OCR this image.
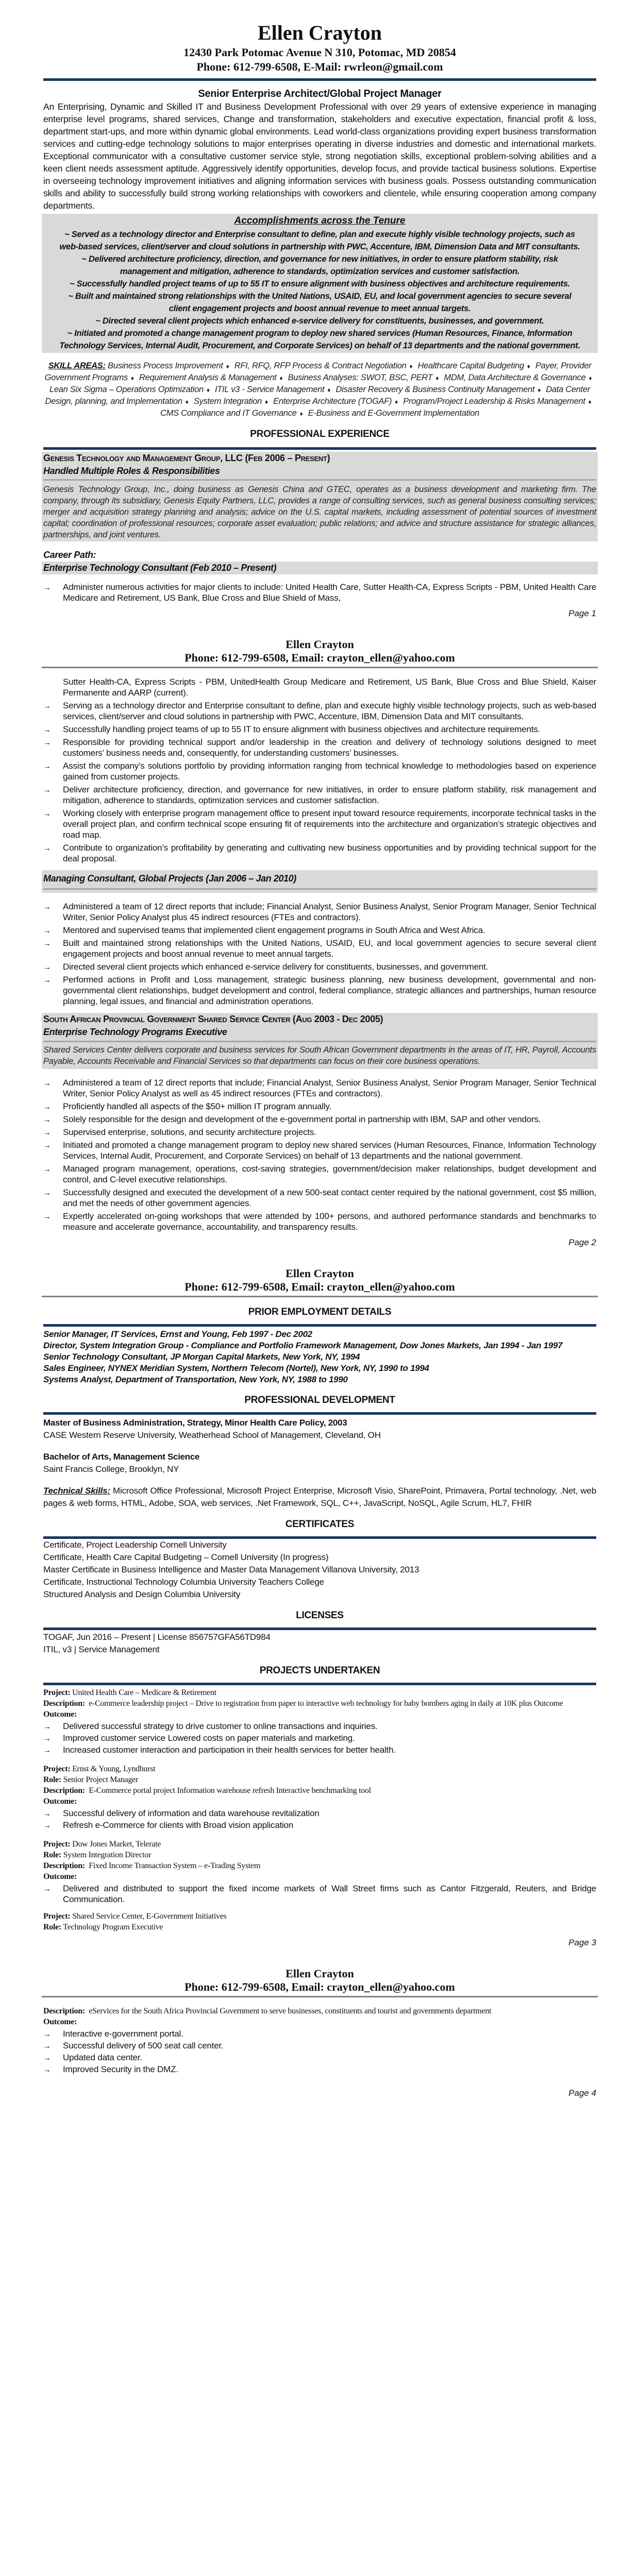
Ellen Crayton
12430 Park Potomac Avenue N 310, Potomac, MD 20854
Phone: 612-799-6508, E-Mail: rwrleon@gmail.com
Senior Enterprise Architect/Global Project Manager
An Enterprising, Dynamic and Skilled IT and Business Development Professional with over 29 years of extensive experience in managing enterprise level programs, shared services, Change and transformation, stakeholders and executive expectation, financial profit & loss, department start-ups, and more within dynamic global environments. Lead world-class organizations providing expert business transformation services and cutting-edge technology solutions to major enterprises operating in diverse industries and domestic and international markets. Exceptional communicator with a consultative customer service style, strong negotiation skills, exceptional problem-solving abilities and a keen client needs assessment aptitude. Aggressively identify opportunities, develop focus, and provide tactical business solutions. Expertise in overseeing technology improvement initiatives and aligning information services with business goals. Possess outstanding communication skills and ability to successfully build strong working relationships with coworkers and clientele, while ensuring cooperation among company departments.
Accomplishments across the Tenure
~ Served as a technology director and Enterprise consultant to define, plan and execute highly visible technology projects, such as web-based services, client/server and cloud solutions in partnership with PWC, Accenture, IBM, Dimension Data and MIT consultants.
~ Delivered architecture proficiency, direction, and governance for new initiatives, in order to ensure platform stability, risk management and mitigation, adherence to standards, optimization services and customer satisfaction.
~ Successfully handled project teams of up to 55 IT to ensure alignment with business objectives and architecture requirements.
~ Built and maintained strong relationships with the United Nations, USAID, EU, and local government agencies to secure several client engagement projects and boost annual revenue to meet annual targets.
~ Directed several client projects which enhanced e-service delivery for constituents, businesses, and government.
~ Initiated and promoted a change management program to deploy new shared services (Human Resources, Finance, Information Technology Services, Internal Audit, Procurement, and Corporate Services) on behalf of 13 departments and the national government.
SKILL AREAS: Business Process Improvement ♦ RFI, RFQ, RFP Process & Contract Negotiation ♦ Healthcare Capital Budgeting♦ Payer, Provider Government Programs ♦ Requirement Analysis & Management ♦ Business Analyses: SWOT, BSC, PERT ♦ MDM, Data Architecture & Governance♦ Lean Six Sigma – Operations Optimization ♦ ITIL v3 - Service Management ♦ Disaster Recovery & Business Continuity Management ♦ Data Center Design, planning, and Implementation ♦ System Integration ♦ Enterprise Architecture (TOGAF) ♦ Program/Project Leadership & Risks Management♦ CMS Compliance and IT Governance ♦ E-Business and E-Government Implementation
PROFESSIONAL EXPERIENCE
Genesis Technology and Management Group, LLC (Feb 2006 – Present)
Handled Multiple Roles & Responsibilities
Genesis Technology Group, Inc., doing business as Genesis China and GTEC, operates as a business development and marketing firm. The company, through its subsidiary, Genesis Equity Partners, LLC, provides a range of consulting services, such as general business consulting services; merger and acquisition strategy planning and analysis; advice on the U.S. capital markets, including assessment of potential sources of investment capital; coordination of professional resources; corporate asset evaluation; public relations; and advice and structure assistance for strategic alliances, partnerships, and joint ventures.
Career Path:
Enterprise Technology Consultant (Feb 2010 – Present)
→
Administer numerous activities for major clients to include: United Health Care, Sutter Health-CA, Express Scripts - PBM, United Health Care Medicare and Retirement, US Bank, Blue Cross and Blue Shield of Mass,
Page 1
Ellen Crayton
Phone: 612-799-6508, Email: crayton_ellen@yahoo.com
Sutter Health-CA, Express Scripts - PBM, UnitedHealth Group Medicare and Retirement, US Bank, Blue Cross and Blue Shield, Kaiser Permanente and AARP (current).
→
Serving as a technology director and Enterprise consultant to define, plan and execute highly visible technology projects, such as web-based services, client/server and cloud solutions in partnership with PWC, Accenture, IBM, Dimension Data and MIT consultants.
→
Successfully handling project teams of up to 55 IT to ensure alignment with business objectives and architecture requirements.
→
Responsible for providing technical support and/or leadership in the creation and delivery of technology solutions designed to meet customers’ business needs and, consequently, for understanding customers’ businesses.
→
Assist the company’s solutions portfolio by providing information ranging from technical knowledge to methodologies based on experience gained from customer projects.
→
Deliver architecture proficiency, direction, and governance for new initiatives, in order to ensure platform stability, risk management and mitigation, adherence to standards, optimization services and customer satisfaction.
→
Working closely with enterprise program management office to present input toward resource requirements, incorporate technical tasks in the overall project plan, and confirm technical scope ensuring fit of requirements into the architecture and organization’s strategic objectives and road map.
→
Contribute to organization’s profitability by generating and cultivating new business opportunities and by providing technical support for the deal proposal.
Managing Consultant, Global Projects (Jan 2006 – Jan 2010)
→
Administered a team of 12 direct reports that include; Financial Analyst, Senior Business Analyst, Senior Program Manager, Senior Technical Writer, Senior Policy Analyst plus 45 indirect resources (FTEs and contractors).
→
Mentored and supervised teams that implemented client engagement programs in South Africa and West Africa.
→
Built and maintained strong relationships with the United Nations, USAID, EU, and local government agencies to secure several client engagement projects and boost annual revenue to meet annual targets.
→
Directed several client projects which enhanced e-service delivery for constituents, businesses, and government.
→
Performed actions in Profit and Loss management, strategic business planning, new business development, governmental and non-governmental client relationships, budget development and control, federal compliance, strategic alliances and partnerships, human resource planning, legal issues, and financial and administration operations.
South African Provincial Government Shared Service Center (Aug 2003 - Dec 2005)
Enterprise Technology Programs Executive
Shared Services Center delivers corporate and business services for South African Government departments in the areas of IT, HR, Payroll, Accounts Payable, Accounts Receivable and Financial Services so that departments can focus on their core business operations.
→
Administered a team of 12 direct reports that include; Financial Analyst, Senior Business Analyst, Senior Program Manager, Senior Technical Writer, Senior Policy Analyst as well as 45 indirect resources (FTEs and contractors).
→
Proficiently handled all aspects of the $50+ million IT program annually.
→
Solely responsible for the design and development of the e-government portal in partnership with IBM, SAP and other vendors.
→
Supervised enterprise, solutions, and security architecture projects.
→
Initiated and promoted a change management program to deploy new shared services (Human Resources, Finance, Information Technology Services, Internal Audit, Procurement, and Corporate Services) on behalf of 13 departments and the national government.
→
Managed program management, operations, cost-saving strategies, government/decision maker relationships, budget development and control, and C-level executive relationships.
→
Successfully designed and executed the development of a new 500-seat contact center required by the national government, cost $5 million, and met the needs of other government agencies.
→
Expertly accelerated on-going workshops that were attended by 100+ persons, and authored performance standards and benchmarks to measure and accelerate governance, accountability, and transparency results.
Page 2
Ellen Crayton
Phone: 612-799-6508, Email: crayton_ellen@yahoo.com
PRIOR EMPLOYMENT DETAILS
Senior Manager, IT Services, Ernst and Young, Feb 1997 - Dec 2002
Director, System Integration Group - Compliance and Portfolio Framework Management, Dow Jones Markets, Jan 1994 - Jan 1997
Senior Technology Consultant, JP Morgan Capital Markets, New York, NY, 1994
Sales Engineer, NYNEX Meridian System, Northern Telecom (Nortel), New York, NY, 1990 to 1994
Systems Analyst, Department of Transportation, New York, NY, 1988 to 1990
PROFESSIONAL DEVELOPMENT
Master of Business Administration, Strategy, Minor Health Care Policy, 2003
CASE Western Reserve University, Weatherhead School of Management, Cleveland, OH
Bachelor of Arts, Management Science
Saint Francis College, Brooklyn, NY
Technical Skills: Microsoft Office Professional, Microsoft Project Enterprise, Microsoft Visio, SharePoint, Primavera, Portal technology, .Net, web pages & web forms, HTML, Adobe, SOA, web services, .Net Framework, SQL, C++, JavaScript, NoSQL, Agile Scrum, HL7, FHIR
CERTIFICATES
Certificate, Project Leadership Cornell University
Certificate, Health Care Capital Budgeting – Cornell University (In progress)
Master Certificate in Business Intelligence and Master Data Management Villanova University, 2013
Certificate, Instructional Technology Columbia University Teachers College
Structured Analysis and Design Columbia University
LICENSES
TOGAF, Jun 2016 – Present | License 856757GFA56TD984
ITIL, v3 | Service Management
PROJECTS UNDERTAKEN
Project: United Health Care – Medicare & Retirement
Description: e-Commerce leadership project – Drive to registration from paper to interactive web technology for baby bombers aging in daily at 10K plus Outcome
Outcome:
→
Delivered successful strategy to drive customer to online transactions and inquiries.
→
Improved customer service Lowered costs on paper materials and marketing.
→
Increased customer interaction and participation in their health services for better health.
Project: Ernst & Young, Lyndhurst
Role: Senior Project Manager
Description: E-Commerce portal project Information warehouse refresh Interactive benchmarking tool
Outcome:
→
Successful delivery of information and data warehouse revitalization
→
Refresh e-Commerce for clients with Broad vision application
Project: Dow Jones Market, Telerate
Role: System Integration Director
Description: Fixed Income Transaction System – e-Trading System
Outcome:
→
Delivered and distributed to support the fixed income markets of Wall Street firms such as Cantor Fitzgerald, Reuters, and Bridge Communication.
Project: Shared Service Center, E-Government Initiatives
Role: Technology Program Executive
Page 3
Ellen Crayton
Phone: 612-799-6508, Email: crayton_ellen@yahoo.com
Description: eServices for the South Africa Provincial Government to serve businesses, constituents and tourist and governments department
Outcome:
→
Interactive e-government portal.
→
Successful delivery of 500 seat call center.
→
Updated data center.
→
Improved Security in the DMZ.
Page 4
